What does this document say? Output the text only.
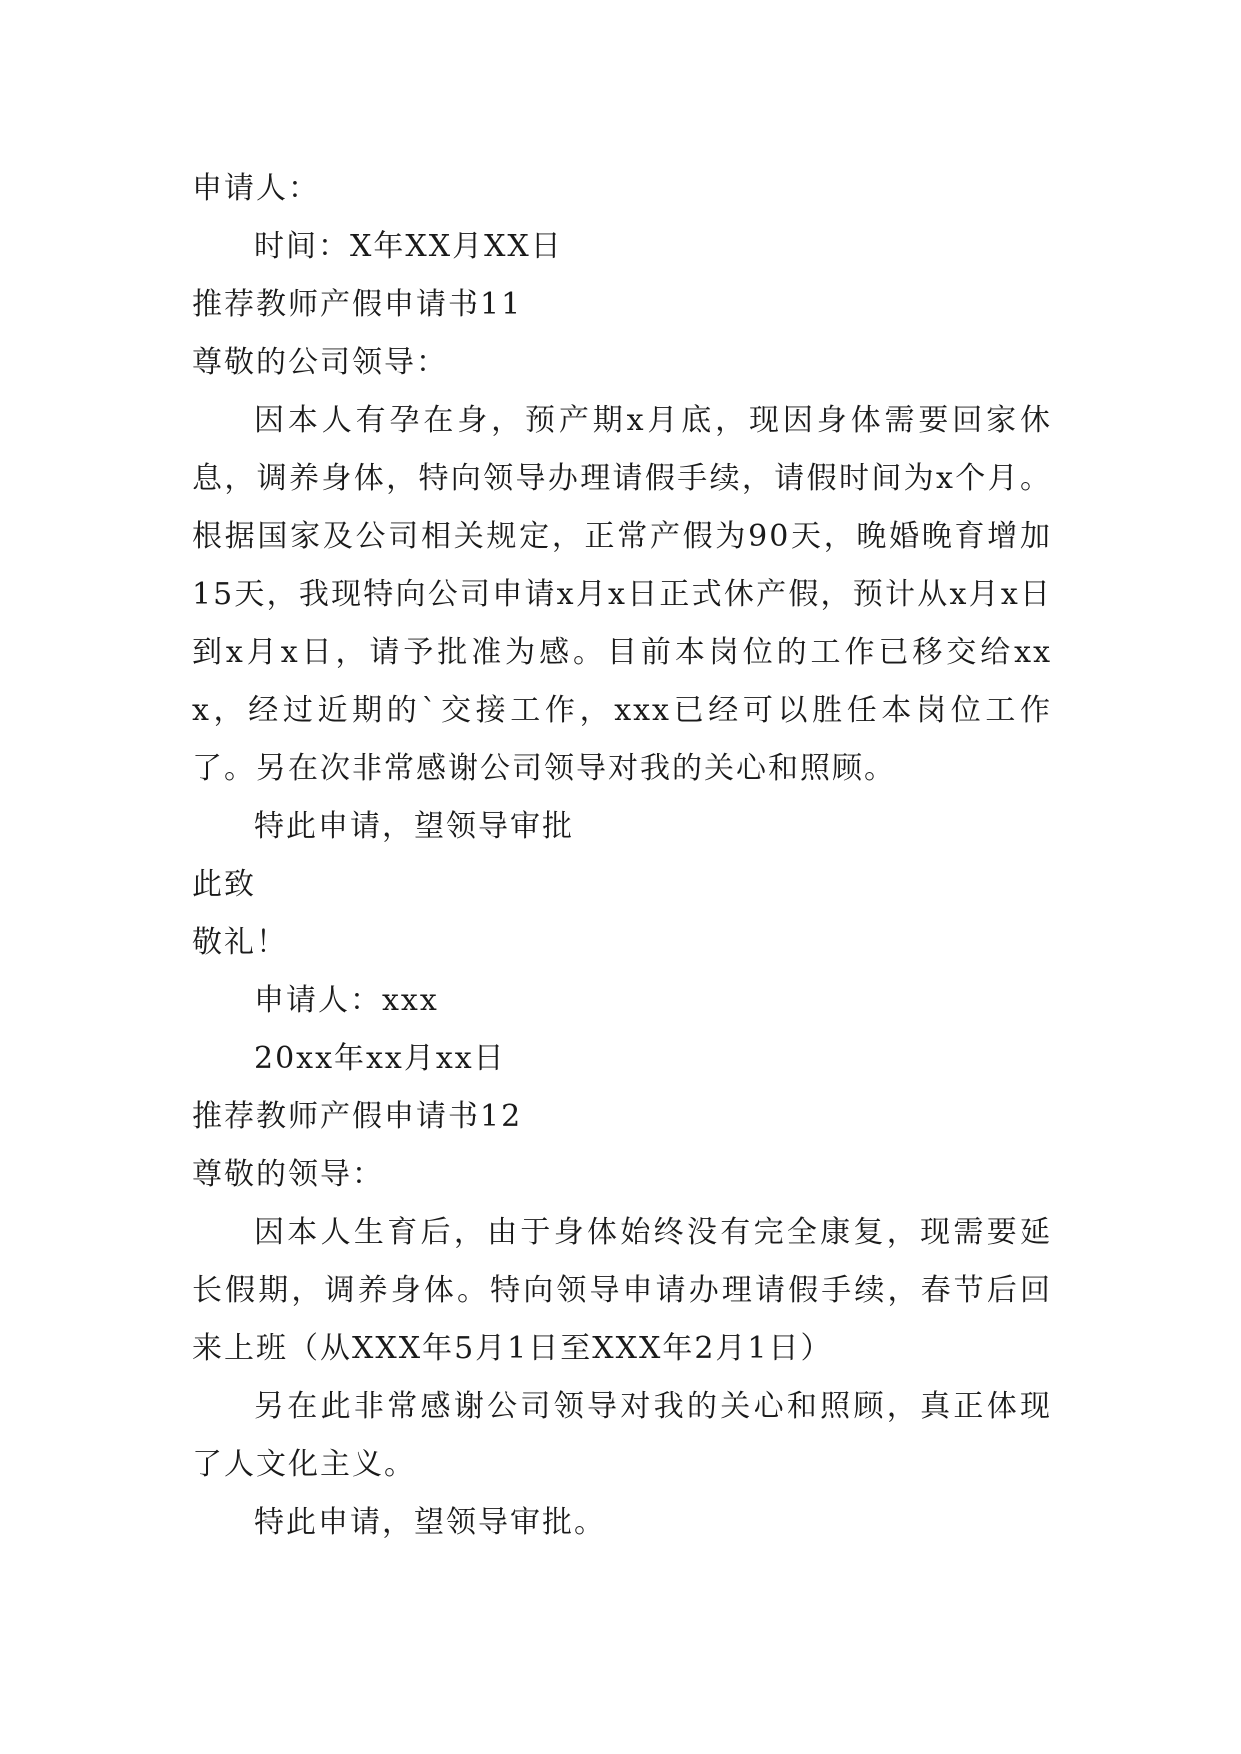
申请人：

时间：X年XX月XX日

推荐教师产假申请书11

尊敬的公司领导：

因本人有孕在身，预产期x月底，现因身体需要回家休息，调养身体，特向领导办理请假手续，请假时间为x个月。根据国家及公司相关规定，正常产假为90天，晚婚晚育增加15天，我现特向公司申请x月x日正式休产假，预计从x月x日到x月x日，请予批准为感。目前本岗位的工作已移交给xxx，经过近期的`交接工作，xxx已经可以胜任本岗位工作了。另在次非常感谢公司领导对我的关心和照顾。

特此申请，望领导审批

此致

敬礼！

申请人：xxx

20xx年xx月xx日

推荐教师产假申请书12

尊敬的领导：

因本人生育后，由于身体始终没有完全康复，现需要延长假期，调养身体。特向领导申请办理请假手续，春节后回来上班（从XXX年5月1日至XXX年2月1日）

另在此非常感谢公司领导对我的关心和照顾，真正体现了人文化主义。

特此申请，望领导审批。
